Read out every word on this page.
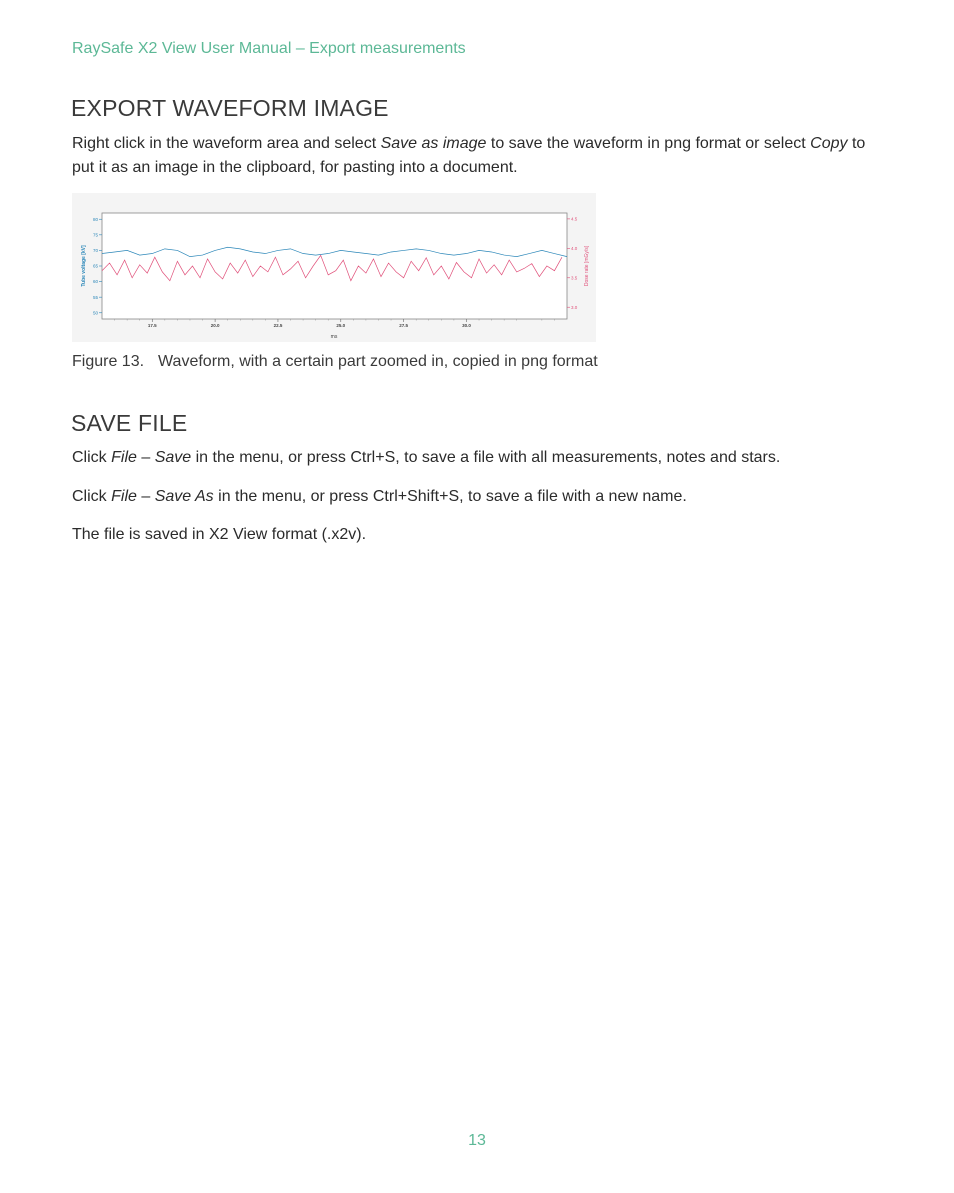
RaySafe X2 View User Manual – Export measurements
EXPORT WAVEFORM IMAGE

Right click in the waveform area and select Save as image to save the waveform in png format or select Copy to put it as an image in the clipboard, for pasting into a document.

17.5	20.0	22.5	25.0	27.5	30.0
80
75
70
65
60
55
50
4.5
4.0
3.5
3.0
Tube voltage [kV]	Dose rate [mGy/s]
ms
Figure 13. Waveform, with a certain part zoomed in, copied in png format
SAVE FILE

Click File – Save in the menu, or press Ctrl+S, to save a file with all measurements, notes and stars.

Click File – Save As in the menu, or press Ctrl+Shift+S, to save a file with a new name.

The file is saved in X2 View format (.x2v).

13
